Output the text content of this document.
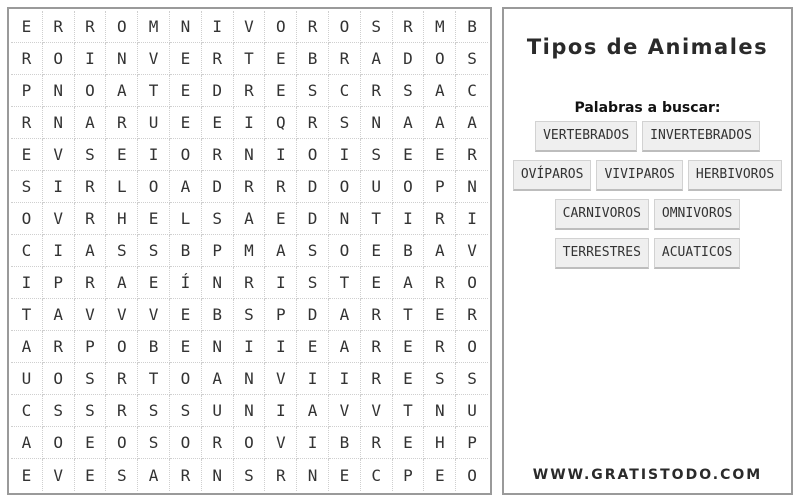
E	R	R	O	M	N	I	V	O	R	O	S	R	M	B
R	O	I	N	V	E	R	T	E	B	R	A	D	O	S
P	N	O	A	T	E	D	R	E	S	C	R	S	A	C
R	N	A	R	U	E	E	I	Q	R	S	N	A	A	A
E	V	S	E	I	O	R	N	I	O	I	S	E	E	R
S	I	R	L	O	A	D	R	R	D	O	U	O	P	N
O	V	R	H	E	L	S	A	E	D	N	T	I	R	I
C	I	A	S	S	B	P	M	A	S	O	E	B	A	V
I	P	R	A	E	Í	N	R	I	S	T	E	A	R	O
T	A	V	V	V	E	B	S	P	D	A	R	T	E	R
A	R	P	O	B	E	N	I	I	E	A	R	E	R	O
U	O	S	R	T	O	A	N	V	I	I	R	E	S	S
C	S	S	R	S	S	U	N	I	A	V	V	T	N	U
A	O	E	O	S	O	R	O	V	I	B	R	E	H	P
E	V	E	S	A	R	N	S	R	N	E	C	P	E	O
Tipos de Animales
Palabras a buscar:
VERTEBRADOS	INVERTEBRADOS
OVÍPAROS	VIVIPAROS	HERBIVOROS
CARNIVOROS	OMNIVOROS
TERRESTRES	ACUATICOS
WWW.GRATISTODO.COM
